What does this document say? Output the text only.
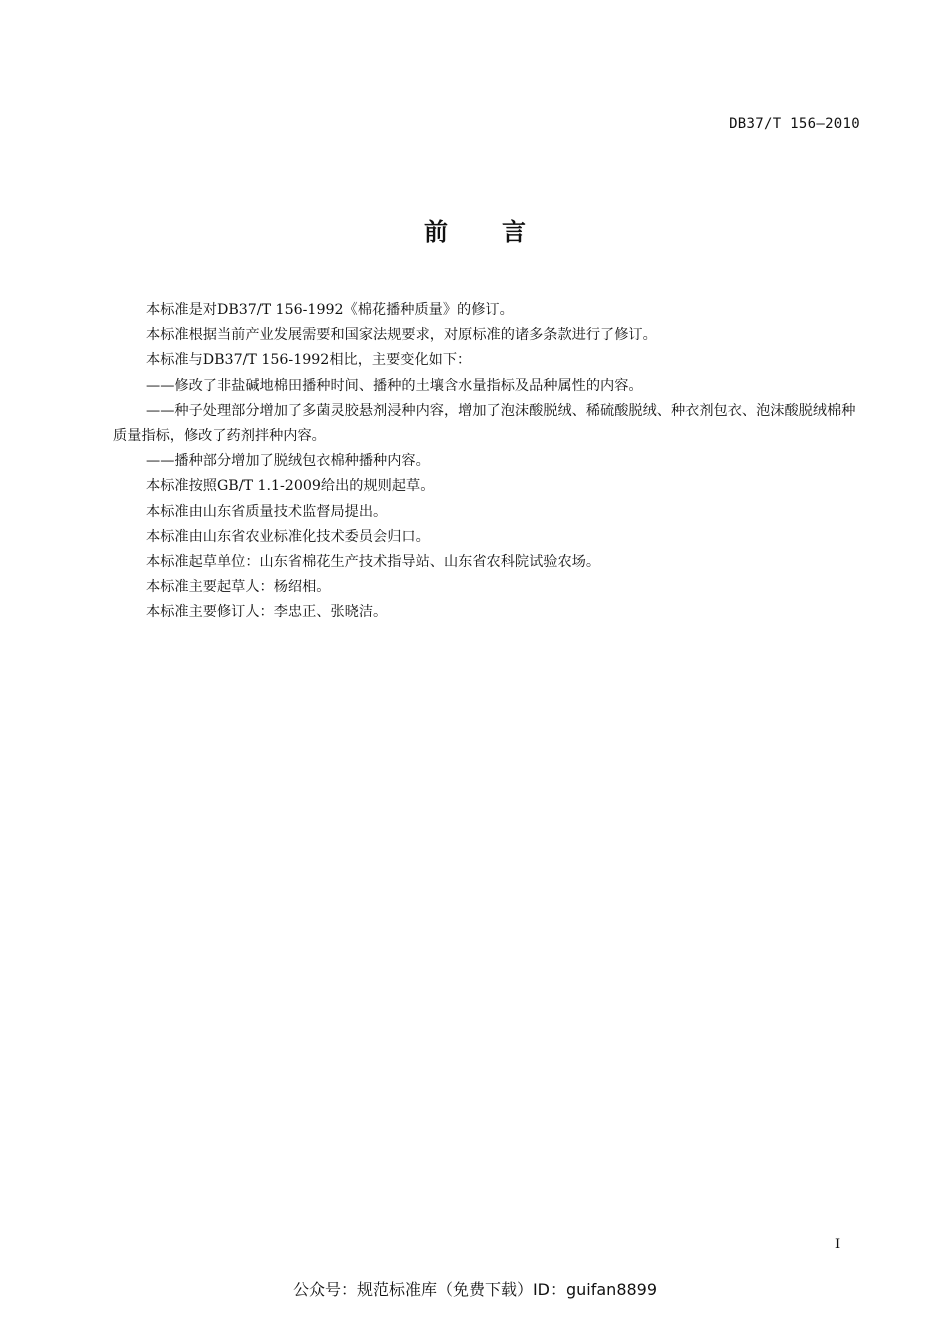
DB37/T 156—2010
前言

本标准是对DB37/T 156-1992《棉花播种质量》的修订。

本标准根据当前产业发展需要和国家法规要求，对原标准的诸多条款进行了修订。

本标准与DB37/T 156-1992相比，主要变化如下：

——修改了非盐碱地棉田播种时间、播种的土壤含水量指标及品种属性的内容。

——种子处理部分增加了多菌灵胶悬剂浸种内容，增加了泡沫酸脱绒、稀硫酸脱绒、种衣剂包衣、泡沫酸脱绒棉种质量指标，修改了药剂拌种内容。

——播种部分增加了脱绒包衣棉种播种内容。

本标准按照GB/T 1.1-2009给出的规则起草。

本标准由山东省质量技术监督局提出。

本标准由山东省农业标准化技术委员会归口。

本标准起草单位：山东省棉花生产技术指导站、山东省农科院试验农场。

本标准主要起草人：杨绍相。

本标准主要修订人：李忠正、张晓洁。

I
公众号：规范标准库（免费下载）ID：guifan8899
